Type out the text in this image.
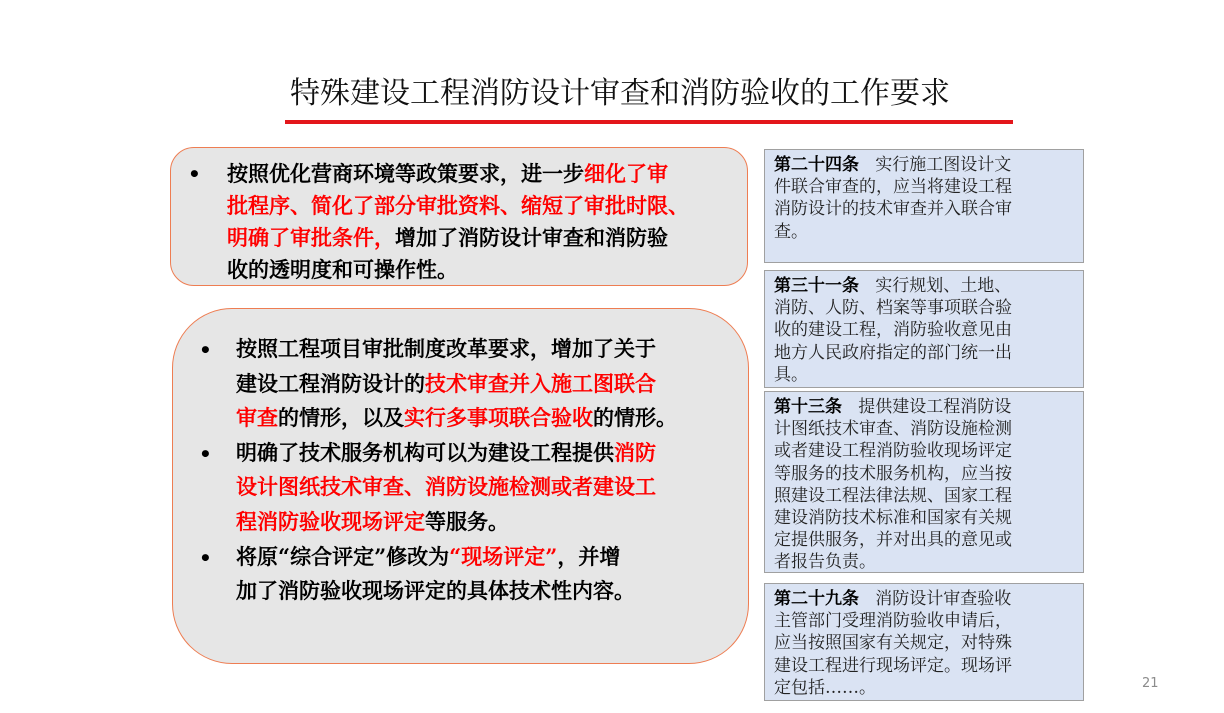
特殊建设工程消防设计审查和消防验收的工作要求
• 按照优化营商环境等政策要求，进一步细化了审
批程序、简化了部分审批资料、缩短了审批时限、
明确了审批条件，增加了消防设计审查和消防验
收的透明度和可操作性。
• 按照工程项目审批制度改革要求，增加了关于
建设工程消防设计的技术审查并入施工图联合
审查的情形，以及实行多事项联合验收的情形。
• 明确了技术服务机构可以为建设工程提供消防
设计图纸技术审查、消防设施检测或者建设工
程消防验收现场评定等服务。
• 将原“综合评定”修改为“现场评定”，并增
加了消防验收现场评定的具体技术性内容。
第二十四条 实行施工图设计文
件联合审查的，应当将建设工程
消防设计的技术审查并入联合审
查。
第三十一条 实行规划、土地、
消防、人防、档案等事项联合验
收的建设工程，消防验收意见由
地方人民政府指定的部门统一出
具。
第十三条 提供建设工程消防设
计图纸技术审查、消防设施检测
或者建设工程消防验收现场评定
等服务的技术服务机构，应当按
照建设工程法律法规、国家工程
建设消防技术标准和国家有关规
定提供服务，并对出具的意见或
者报告负责。
第二十九条 消防设计审查验收
主管部门受理消防验收申请后，
应当按照国家有关规定，对特殊
建设工程进行现场评定。现场评
定包括……。	21
